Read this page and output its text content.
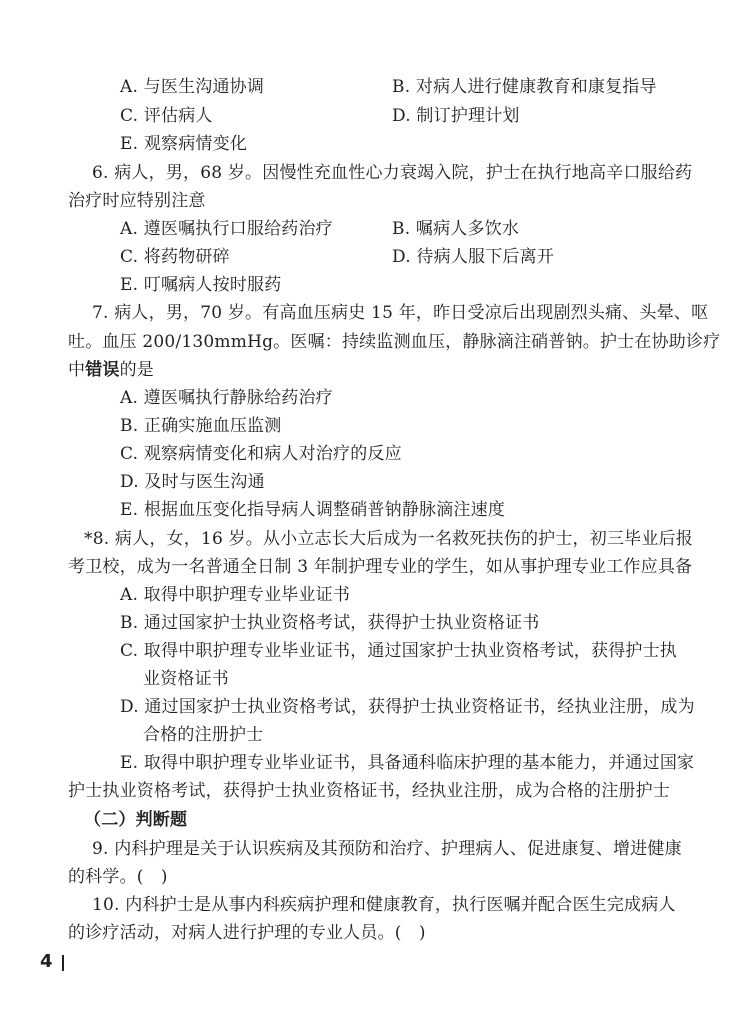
A. 与医生沟通协调	B. 对病人进行健康教育和康复指导
C. 评估病人	D. 制订护理计划
E. 观察病情变化
6. 病人，男，68 岁。因慢性充血性心力衰竭入院，护士在执行地高辛口服给药
治疗时应特别注意
A. 遵医嘱执行口服给药治疗	B. 嘱病人多饮水
C. 将药物研碎	D. 待病人服下后离开
E. 叮嘱病人按时服药
7. 病人，男，70 岁。有高血压病史 15 年，昨日受凉后出现剧烈头痛、头晕、呕
吐。血压 200/130mmHg。医嘱：持续监测血压，静脉滴注硝普钠。护士在协助诊疗
中错误的是
A. 遵医嘱执行静脉给药治疗
B. 正确实施血压监测
C. 观察病情变化和病人对治疗的反应
D. 及时与医生沟通
E. 根据血压变化指导病人调整硝普钠静脉滴注速度
*8. 病人，女，16 岁。从小立志长大后成为一名救死扶伤的护士，初三毕业后报
考卫校，成为一名普通全日制 3 年制护理专业的学生，如从事护理专业工作应具备
A. 取得中职护理专业毕业证书
B. 通过国家护士执业资格考试，获得护士执业资格证书
C. 取得中职护理专业毕业证书，通过国家护士执业资格考试，获得护士执
业资格证书
D. 通过国家护士执业资格考试，获得护士执业资格证书，经执业注册，成为
合格的注册护士
E. 取得中职护理专业毕业证书，具备通科临床护理的基本能力，并通过国家
护士执业资格考试，获得护士执业资格证书，经执业注册，成为合格的注册护士
（二）判断题
9. 内科护理是关于认识疾病及其预防和治疗、护理病人、促进康复、增进健康
的科学。(　)
10. 内科护士是从事内科疾病护理和健康教育，执行医嘱并配合医生完成病人
的诊疗活动，对病人进行护理的专业人员。(　)
4
